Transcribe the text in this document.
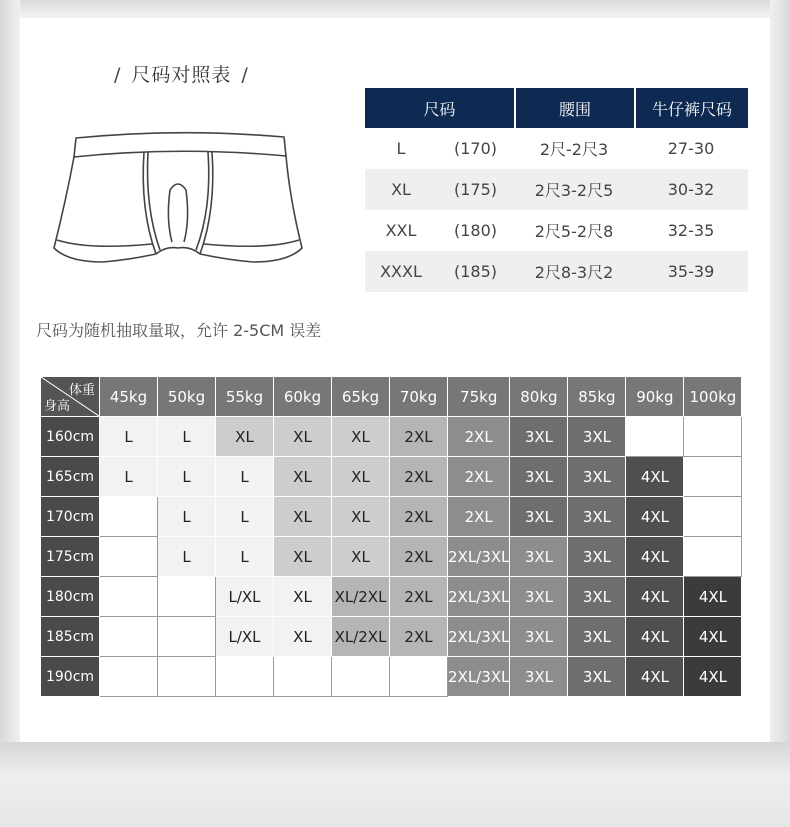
/ 尺码对照表 /
尺码		腰围	牛仔裤尺码
L	(170)	2尺-2尺3	27-30
XL	(175)	2尺3-2尺5	30-32
XXL	(180)	2尺5-2尺8	32-35
XXXL	(185)	2尺8-3尺2	35-39
尺码为随机抽取量取，允许 2-5CM 误差
体重
身高	45kg	50kg	55kg	60kg	65kg	70kg	75kg	80kg	85kg	90kg	100kg
160cm	L	L	XL	XL	XL	2XL	2XL	3XL	3XL		
165cm	L	L	L	XL	XL	2XL	2XL	3XL	3XL	4XL	
170cm		L	L	XL	XL	2XL	2XL	3XL	3XL	4XL	
175cm		L	L	XL	XL	2XL	2XL/3XL	3XL	3XL	4XL	
180cm			L/XL	XL	XL/2XL	2XL	2XL/3XL	3XL	3XL	4XL	4XL
185cm			L/XL	XL	XL/2XL	2XL	2XL/3XL	3XL	3XL	4XL	4XL
190cm							2XL/3XL	3XL	3XL	4XL	4XL
